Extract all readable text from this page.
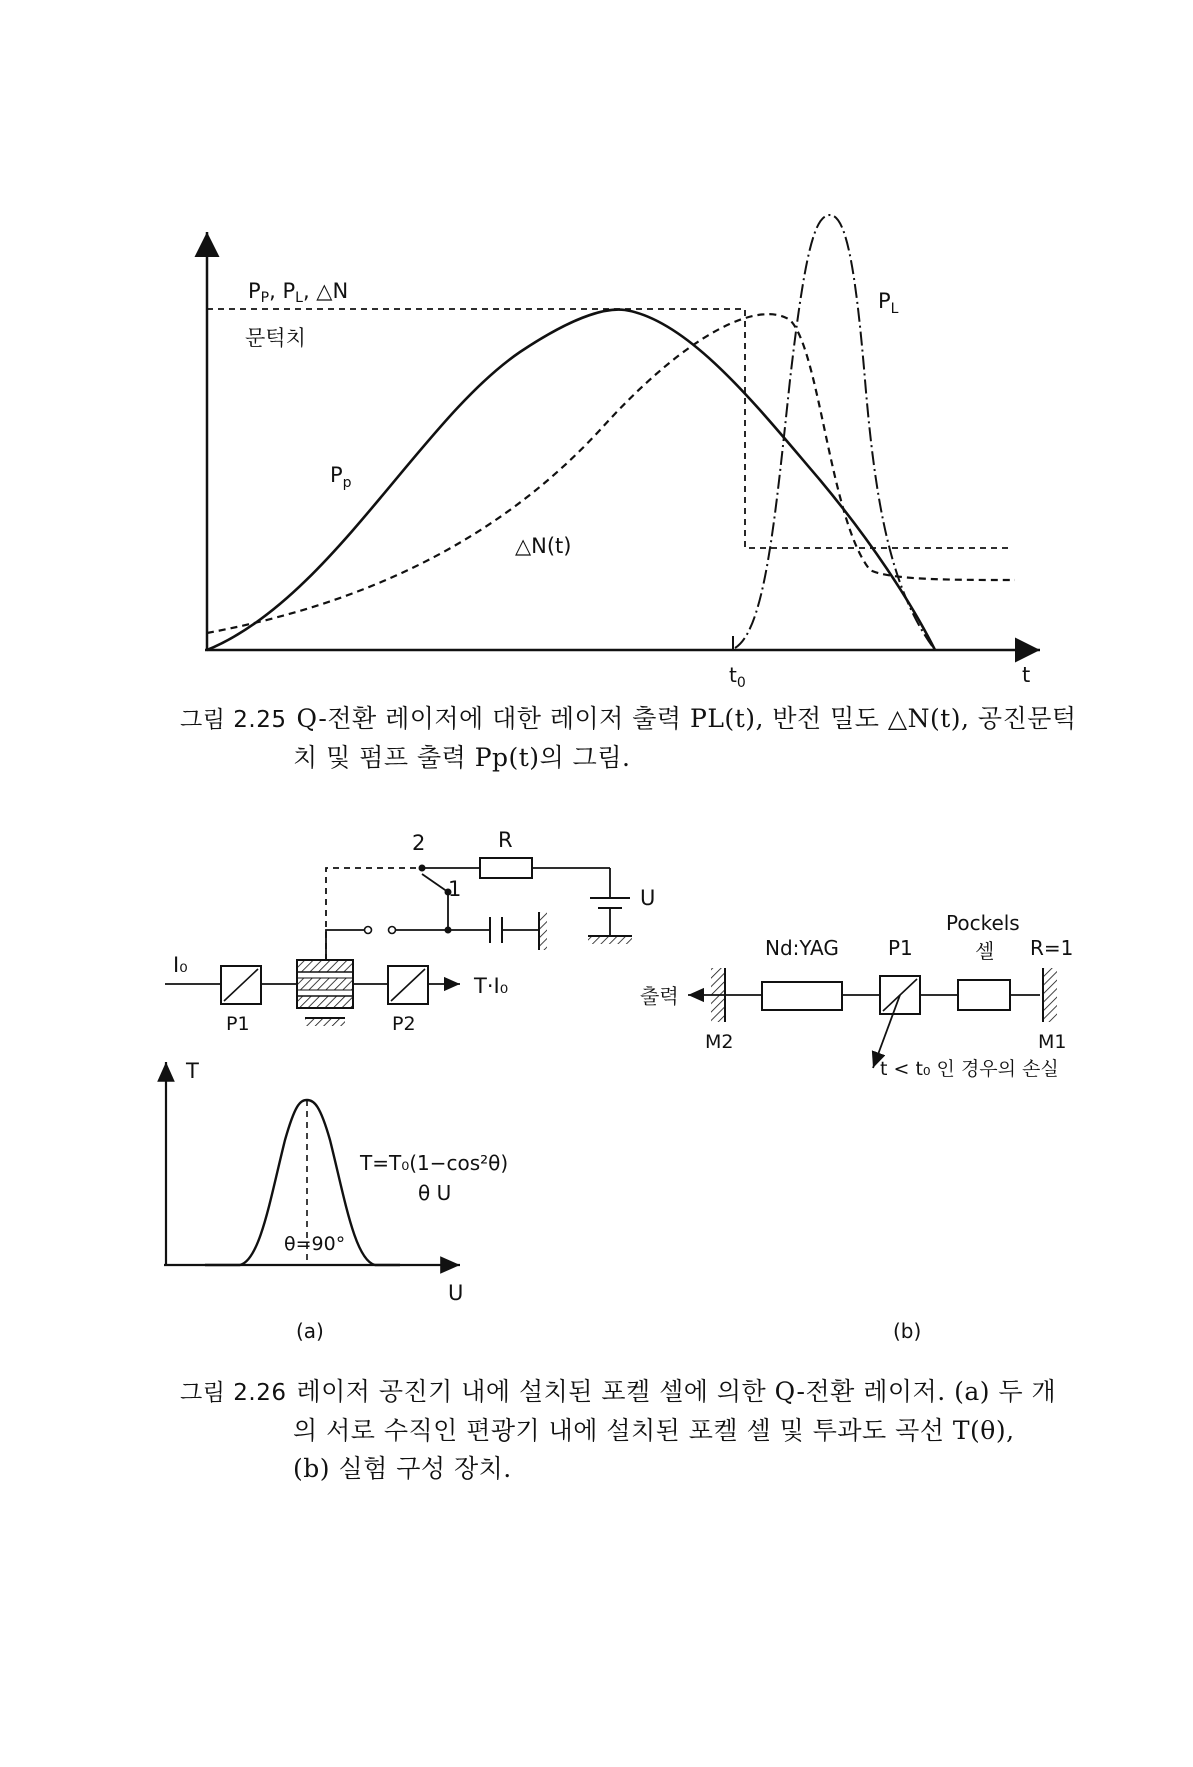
PP, PL, △N
문턱치
$P_p$
△N(t)
$P_L$
$t_0$	t
그림 2.25 Q-전환 레이저에 대한 레이저 출력 PL(t), 반전 밀도 △N(t), 공진문턱
치 및 펌프 출력 Pp(t)의 그림.
I₀
P1	P2
T·I₀
R
U
2
1
T
U
T=T₀(1−cos²θ)
θ U
θ=90°
(a)
Pockels
셀
Nd:YAG P1	R=1
출력
M2	M1
t < t₀ 인 경우의 손실
(b)
그림 2.26 레이저 공진기 내에 설치된 포켈 셀에 의한 Q-전환 레이저. (a) 두 개
의 서로 수직인 편광기 내에 설치된 포켈 셀 및 투과도 곡선 T(θ),
(b) 실험 구성 장치.
